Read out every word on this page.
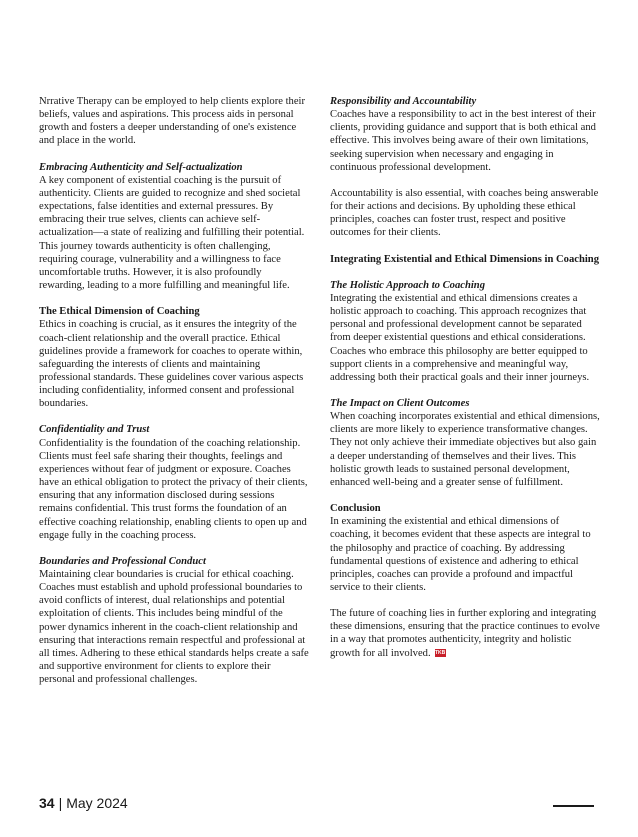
Nrrative Therapy can be employed to help clients explore their beliefs, values and aspirations. This process aids in personal growth and fosters a deeper understanding of one's existence and place in the world.

Embracing Authenticity and Self-actualization
A key component of existential coaching is the pursuit of authenticity. Clients are guided to recognize and shed societal expectations, false identities and external pressures. By embracing their true selves, clients can achieve self-actualization—a state of realizing and fulfilling their potential. This journey towards authenticity is often challenging, requiring courage, vulnerability and a willingness to face uncomfortable truths. However, it is also profoundly rewarding, leading to a more fulfilling and meaningful life.

The Ethical Dimension of Coaching
Ethics in coaching is crucial, as it ensures the integrity of the coach-client relationship and the overall practice. Ethical guidelines provide a framework for coaches to operate within, safeguarding the interests of clients and maintaining professional standards. These guidelines cover various aspects including confidentiality, informed consent and professional boundaries.

Confidentiality and Trust
Confidentiality is the foundation of the coaching relationship. Clients must feel safe sharing their thoughts, feelings and experiences without fear of judgment or exposure. Coaches have an ethical obligation to protect the privacy of their clients, ensuring that any information disclosed during sessions remains confidential. This trust forms the foundation of an effective coaching relationship, enabling clients to open up and engage fully in the coaching process.

Boundaries and Professional Conduct
Maintaining clear boundaries is crucial for ethical coaching. Coaches must establish and uphold professional boundaries to avoid conflicts of interest, dual relationships and potential exploitation of clients. This includes being mindful of the power dynamics inherent in the coach-client relationship and ensuring that interactions remain respectful and professional at all times. Adhering to these ethical standards helps create a safe and supportive environment for clients to explore their personal and professional challenges.

Responsibility and Accountability
Coaches have a responsibility to act in the best interest of their clients, providing guidance and support that is both ethical and effective. This involves being aware of their own limitations, seeking supervision when necessary and engaging in continuous professional development.

Accountability is also essential, with coaches being answerable for their actions and decisions. By upholding these ethical principles, coaches can foster trust, respect and positive outcomes for their clients.

Integrating Existential and Ethical Dimensions in Coaching

The Holistic Approach to Coaching
Integrating the existential and ethical dimensions creates a holistic approach to coaching. This approach recognizes that personal and professional development cannot be separated from deeper existential questions and ethical considerations. Coaches who embrace this philosophy are better equipped to support clients in a comprehensive and meaningful way, addressing both their practical goals and their inner journeys.

The Impact on Client Outcomes
When coaching incorporates existential and ethical dimensions, clients are more likely to experience transformative changes. They not only achieve their immediate objectives but also gain a deeper understanding of themselves and their lives. This holistic growth leads to sustained personal development, enhanced well-being and a greater sense of fulfillment.

Conclusion
In examining the existential and ethical dimensions of coaching, it becomes evident that these aspects are integral to the philosophy and practice of coaching. By addressing fundamental questions of existence and adhering to ethical principles, coaches can provide a profound and impactful service to their clients.

The future of coaching lies in further exploring and integrating these dimensions, ensuring that the practice continues to evolve in a way that promotes authenticity, integrity and holistic growth for all involved. TKB

34 | May 2024
